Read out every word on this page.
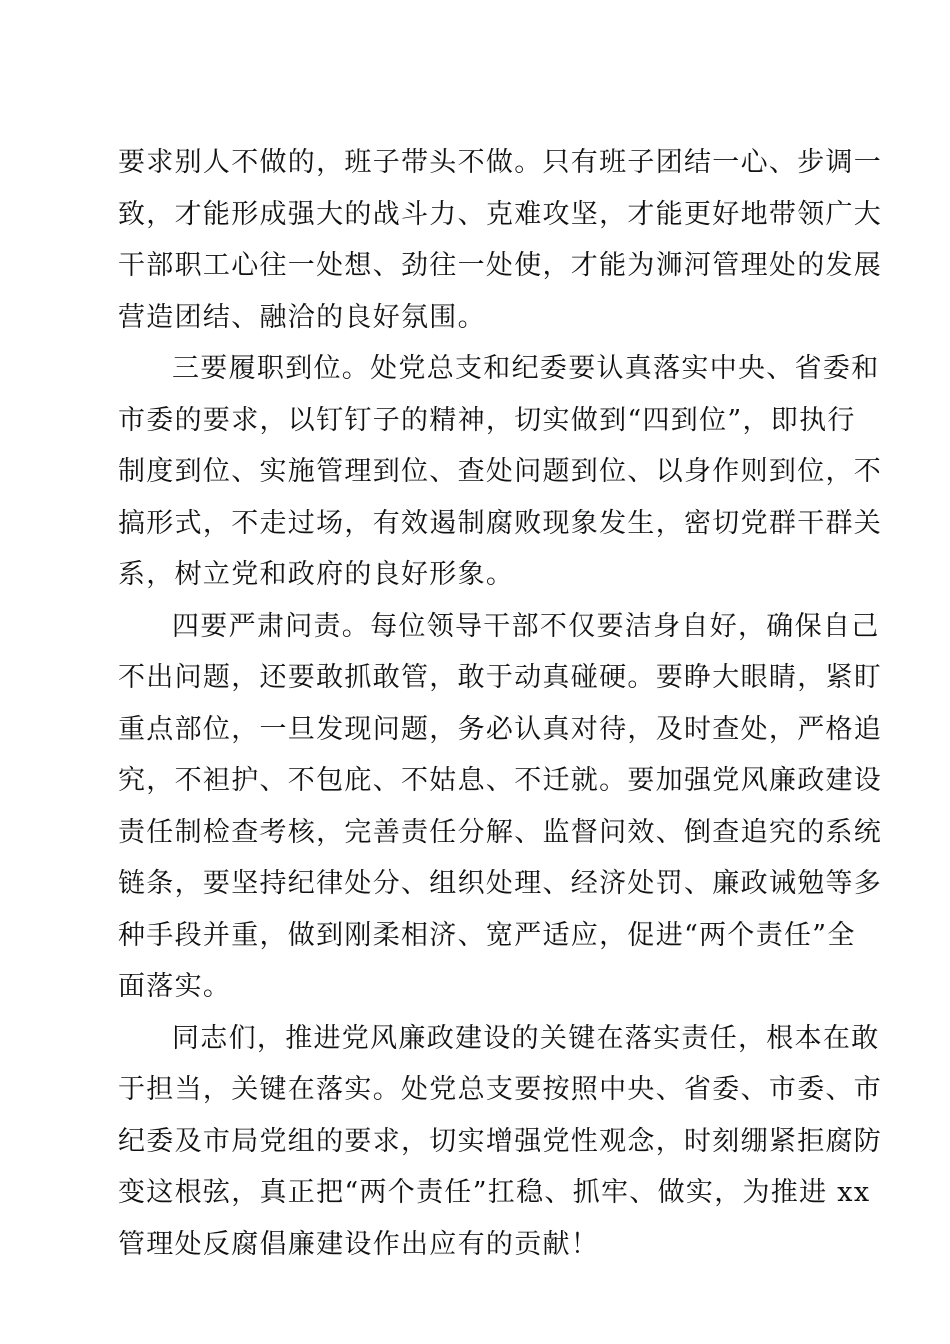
要求别人不做的，班子带头不做。只有班子团结一心、步调一
致，才能形成强大的战斗力、克难攻坚，才能更好地带领广大
干部职工心往一处想、劲往一处使，才能为浉河管理处的发展
营造团结、融洽的良好氛围。
三要履职到位。处党总支和纪委要认真落实中央、省委和
市委的要求，以钉钉子的精神，切实做到“四到位”，即执行
制度到位、实施管理到位、查处问题到位、以身作则到位，不
搞形式，不走过场，有效遏制腐败现象发生，密切党群干群关
系，树立党和政府的良好形象。
四要严肃问责。每位领导干部不仅要洁身自好，确保自己
不出问题，还要敢抓敢管，敢于动真碰硬。要睁大眼睛，紧盯
重点部位，一旦发现问题，务必认真对待，及时查处，严格追
究，不袒护、不包庇、不姑息、不迁就。要加强党风廉政建设
责任制检查考核，完善责任分解、监督问效、倒查追究的系统
链条，要坚持纪律处分、组织处理、经济处罚、廉政诫勉等多
种手段并重，做到刚柔相济、宽严适应，促进“两个责任”全
面落实。
同志们，推进党风廉政建设的关键在落实责任，根本在敢
于担当，关键在落实。处党总支要按照中央、省委、市委、市
纪委及市局党组的要求，切实增强党性观念，时刻绷紧拒腐防
变这根弦，真正把“两个责任”扛稳、抓牢、做实，为推进 xx
管理处反腐倡廉建设作出应有的贡献！
